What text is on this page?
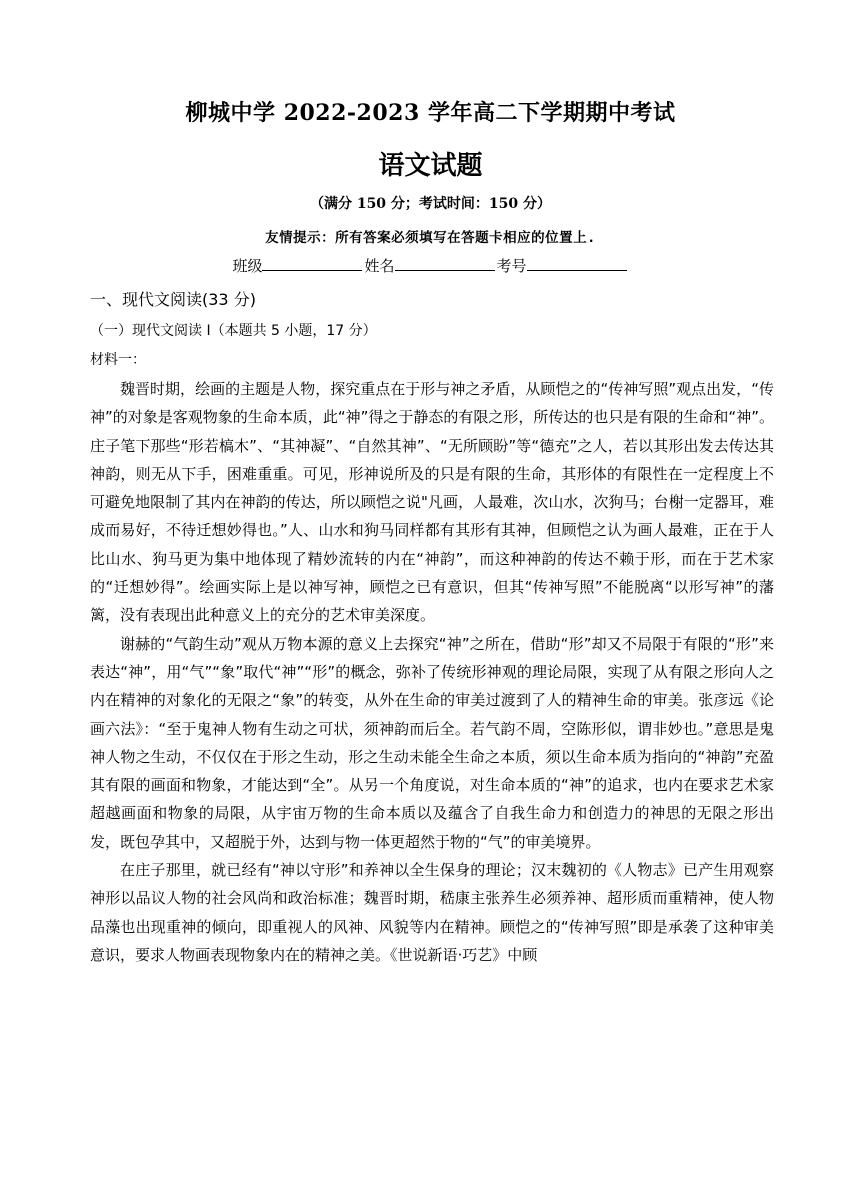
柳城中学 2022-2023 学年高二下学期期中考试
语文试题
（满分 150 分；考试时间：150 分）
友情提示：所有答案必须填写在答题卡相应的位置上.
班级	姓名	考号
一、现代文阅读(33 分)
（一）现代文阅读 I（本题共 5 小题，17 分）
材料一：

魏晋时期，绘画的主题是人物，探究重点在于形与神之矛盾，从顾恺之的“传神写照”观点出发，“传神”的对象是客观物象的生命本质，此“神”得之于静态的有限之形，所传达的也只是有限的生命和“神”。庄子笔下那些“形若槁木”、“其神凝”、“自然其神”、“无所顾盼”等“德充”之人，若以其形出发去传达其神韵，则无从下手，困难重重。可见，形神说所及的只是有限的生命，其形体的有限性在一定程度上不可避免地限制了其内在神韵的传达，所以顾恺之说"凡画，人最难，次山水，次狗马；台榭一定器耳，难成而易好，不待迁想妙得也。”人、山水和狗马同样都有其形有其神，但顾恺之认为画人最难，正在于人比山水、狗马更为集中地体现了精妙流转的内在“神韵”，而这种神韵的传达不赖于形，而在于艺术家的“迁想妙得”。绘画实际上是以神写神，顾恺之已有意识，但其“传神写照”不能脱离“以形写神”的藩篱，没有表现出此种意义上的充分的艺术审美深度。

谢赫的“气韵生动”观从万物本源的意义上去探究“神”之所在，借助“形”却又不局限于有限的“形”来表达“神”，用“气”“象”取代“神”“形”的概念，弥补了传统形神观的理论局限，实现了从有限之形向人之内在精神的对象化的无限之“象”的转变，从外在生命的审美过渡到了人的精神生命的审美。张彦远《论画六法》：“至于鬼神人物有生动之可状，须神韵而后全。若气韵不周，空陈形似，谓非妙也。”意思是鬼神人物之生动，不仅仅在于形之生动，形之生动未能全生命之本质，须以生命本质为指向的“神韵”充盈其有限的画面和物象，才能达到“全”。从另一个角度说，对生命本质的“神”的追求，也内在要求艺术家超越画面和物象的局限，从宇宙万物的生命本质以及蕴含了自我生命力和创造力的神思的无限之形出发，既包孕其中，又超脱于外，达到与物一体更超然于物的“气”的审美境界。

在庄子那里，就已经有“神以守形”和养神以全生保身的理论；汉末魏初的《人物志》已产生用观察神形以品议人物的社会风尚和政治标准；魏晋时期，嵇康主张养生必须养神、超形质而重精神，使人物品藻也出现重神的倾向，即重视人的风神、风貌等内在精神。顾恺之的“传神写照”即是承袭了这种审美意识，要求人物画表现物象内在的精神之美。《世说新语·巧艺》中顾
